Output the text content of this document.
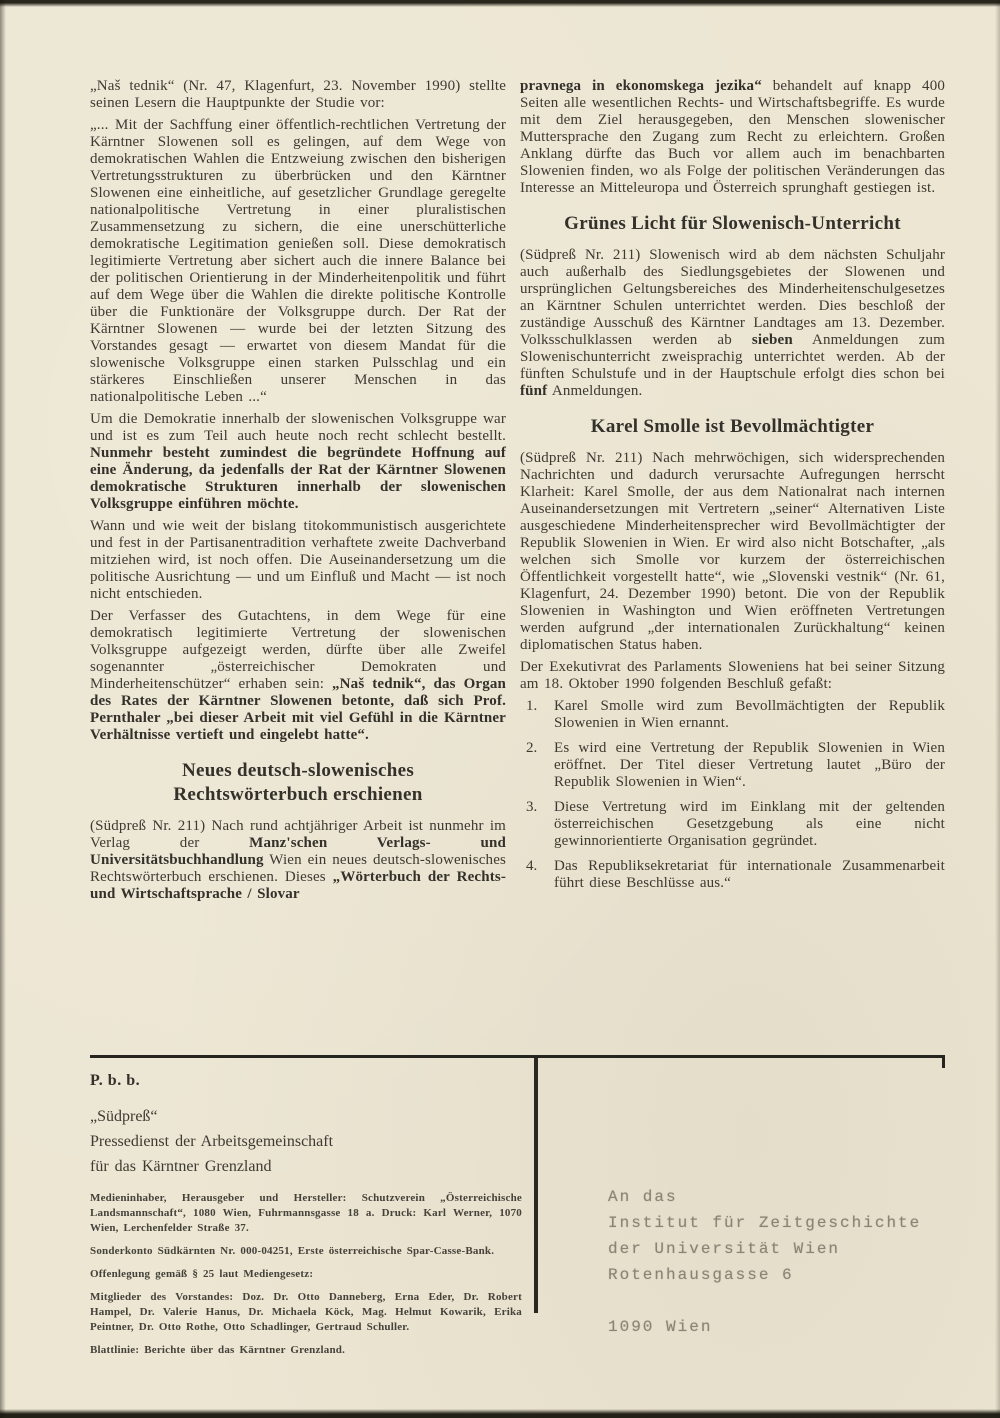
„Naš tednik“ (Nr. 47, Klagenfurt, 23. November 1990) stellte seinen Lesern die Hauptpunkte der Studie vor:

„... Mit der Sachffung einer öffentlich-rechtlichen Vertretung der Kärntner Slowenen soll es gelingen, auf dem Wege von demokratischen Wahlen die Entzweiung zwischen den bisherigen Vertretungsstrukturen zu überbrücken und den Kärntner Slowenen eine einheitliche, auf gesetzlicher Grundlage geregelte nationalpolitische Vertretung in einer pluralistischen Zusammensetzung zu sichern, die eine unerschütterliche demokratische Legitimation genießen soll. Diese demokratisch legitimierte Vertretung aber sichert auch die innere Balance bei der politischen Orientierung in der Minderheitenpolitik und führt auf dem Wege über die Wahlen die direkte politische Kontrolle über die Funktionäre der Volksgruppe durch. Der Rat der Kärntner Slowenen — wurde bei der letzten Sitzung des Vorstandes gesagt — erwartet von diesem Mandat für die slowenische Volksgruppe einen starken Pulsschlag und ein stärkeres Einschließen unserer Menschen in das nationalpolitische Leben ...“

Um die Demokratie innerhalb der slowenischen Volksgruppe war und ist es zum Teil auch heute noch recht schlecht bestellt. Nunmehr besteht zumindest die begründete Hoffnung auf eine Änderung, da jedenfalls der Rat der Kärntner Slowenen demokratische Strukturen innerhalb der slowenischen Volksgruppe einführen möchte.

Wann und wie weit der bislang titokommunistisch ausgerichtete und fest in der Partisanentradition verhaftete zweite Dachverband mitziehen wird, ist noch offen. Die Auseinandersetzung um die politische Ausrichtung — und um Einfluß und Macht — ist noch nicht entschieden.

Der Verfasser des Gutachtens, in dem Wege für eine demokratisch legitimierte Vertretung der slowenischen Volksgruppe aufgezeigt werden, dürfte über alle Zweifel sogenannter „österreichischer Demokraten und Minderheitenschützer“ erhaben sein: „Naš tednik“, das Organ des Rates der Kärntner Slowenen betonte, daß sich Prof. Pernthaler „bei dieser Arbeit mit viel Gefühl in die Kärntner Verhältnisse vertieft und eingelebt hatte“.

Neues deutsch-slowenisches Rechtswörterbuch erschienen

(Südpreß Nr. 211) Nach rund achtjähriger Arbeit ist nunmehr im Verlag der Manz'schen Verlags- und Universitätsbuchhandlung Wien ein neues deutsch-slowenisches Rechtswörterbuch erschienen. Dieses „Wörterbuch der Rechts- und Wirtschaftsprache / Slovar

pravnega in ekonomskega jezika“ behandelt auf knapp 400 Seiten alle wesentlichen Rechts- und Wirtschaftsbegriffe. Es wurde mit dem Ziel herausgegeben, den Menschen slowenischer Muttersprache den Zugang zum Recht zu erleichtern. Großen Anklang dürfte das Buch vor allem auch im benachbarten Slowenien finden, wo als Folge der politischen Veränderungen das Interesse an Mitteleuropa und Österreich sprunghaft gestiegen ist.

Grünes Licht für Slowenisch-Unterricht

(Südpreß Nr. 211) Slowenisch wird ab dem nächsten Schuljahr auch außerhalb des Siedlungsgebietes der Slowenen und ursprünglichen Geltungsbereiches des Minderheitenschulgesetzes an Kärntner Schulen unterrichtet werden. Dies beschloß der zuständige Ausschuß des Kärntner Landtages am 13. Dezember. Volksschulklassen werden ab sieben Anmeldungen zum Slowenischunterricht zweisprachig unterrichtet werden. Ab der fünften Schulstufe und in der Hauptschule erfolgt dies schon bei fünf Anmeldungen.

Karel Smolle ist Bevollmächtigter

(Südpreß Nr. 211) Nach mehrwöchigen, sich widersprechenden Nachrichten und dadurch verursachte Aufregungen herrscht Klarheit: Karel Smolle, der aus dem Nationalrat nach internen Auseinandersetzungen mit Vertretern „seiner“ Alternativen Liste ausgeschiedene Minderheitensprecher wird Bevollmächtigter der Republik Slowenien in Wien. Er wird also nicht Botschafter, „als welchen sich Smolle vor kurzem der österreichischen Öffentlichkeit vorgestellt hatte“, wie „Slovenski vestnik“ (Nr. 61, Klagenfurt, 24. Dezember 1990) betont. Die von der Republik Slowenien in Washington und Wien eröffneten Vertretungen werden aufgrund „der internationalen Zurückhaltung“ keinen diplomatischen Status haben.

Der Exekutivrat des Parlaments Sloweniens hat bei seiner Sitzung am 18. Oktober 1990 folgenden Beschluß gefaßt:

1.	Karel Smolle wird zum Bevollmächtigten der Republik Slowenien in Wien ernannt.
2.	Es wird eine Vertretung der Republik Slowenien in Wien eröffnet. Der Titel dieser Vertretung lautet „Büro der Republik Slowenien in Wien“.
3.	Diese Vertretung wird im Einklang mit der geltenden österreichischen Gesetzgebung als eine nicht gewinnorientierte Organisation gegründet.
4.	Das Republiksekretariat für internationale Zusammenarbeit führt diese Beschlüsse aus.“
P. b. b.
„Südpreß“
Pressedienst der Arbeitsgemeinschaft
für das Kärntner Grenzland

Medieninhaber, Herausgeber und Hersteller: Schutzverein „Österreichische Landsmannschaft“, 1080 Wien, Fuhrmannsgasse 18 a. Druck: Karl Werner, 1070 Wien, Lerchenfelder Straße 37.

Sonderkonto Südkärnten Nr. 000-04251, Erste österreichische Spar-Casse-Bank.

Offenlegung gemäß § 25 laut Mediengesetz:

Mitglieder des Vorstandes: Doz. Dr. Otto Danneberg, Erna Eder, Dr. Robert Hampel, Dr. Valerie Hanus, Dr. Michaela Köck, Mag. Helmut Kowarik, Erika Peintner, Dr. Otto Rothe, Otto Schadlinger, Gertraud Schuller.

Blattlinie: Berichte über das Kärntner Grenzland.

An das
Institut für Zeitgeschichte
der Universität Wien
Rotenhausgasse 6
1090 Wien
